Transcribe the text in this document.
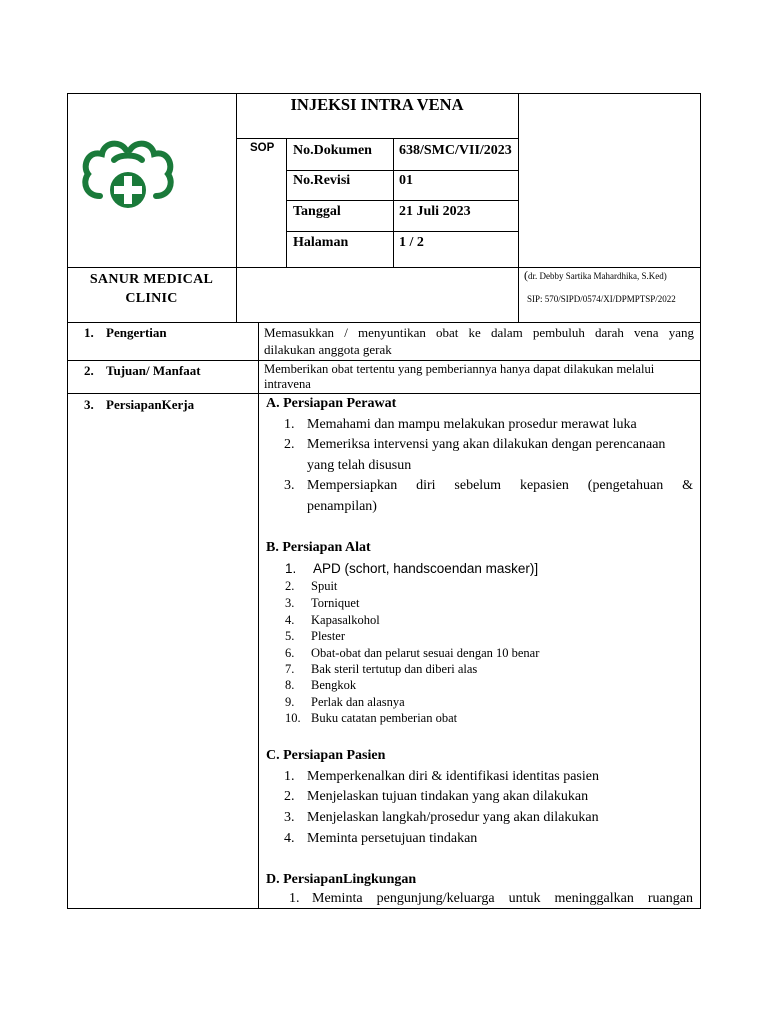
INJEKSI INTRA VENA
SOP No.Dokumen 638/SMC/VII/2023
No.Revisi	01
Tanggal	21 Juli 2023
Halaman	1 / 2
SANUR MEDICAL
CLINIC
(dr. Debby Sartika Mahardhika, S.Ked)
SIP: 570/SIPD/0574/XI/DPMPTSP/2022
1. Pengertian	Memasukkan / menyuntikan obat ke dalam pembuluh darah vena yang
dilakukan anggota gerak
2. Tujuan/ Manfaat	Memberikan obat tertentu yang pemberiannya hanya dapat dilakukan melalui
intravena
3. PersiapanKerja	A. Persiapan Perawat
1. Memahami dan mampu melakukan prosedur merawat luka
2. Memeriksa intervensi yang akan dilakukan dengan perencanaan
yang telah disusun
3. Mempersiapkan diri sebelum kepasien (pengetahuan &
penampilan)
B. Persiapan Alat
1. APD (schort, handscoendan masker)]
2. Spuit
3. Torniquet
4. Kapasalkohol
5. Plester
6. Obat-obat dan pelarut sesuai dengan 10 benar
7. Bak steril tertutup dan diberi alas
8. Bengkok
9. Perlak dan alasnya
10. Buku catatan pemberian obat
C. Persiapan Pasien
1. Memperkenalkan diri & identifikasi identitas pasien
2. Menjelaskan tujuan tindakan yang akan dilakukan
3. Menjelaskan langkah/prosedur yang akan dilakukan
4. Meminta persetujuan tindakan
D. PersiapanLingkungan
1. Meminta pengunjung/keluarga untuk meninggalkan ruangan
